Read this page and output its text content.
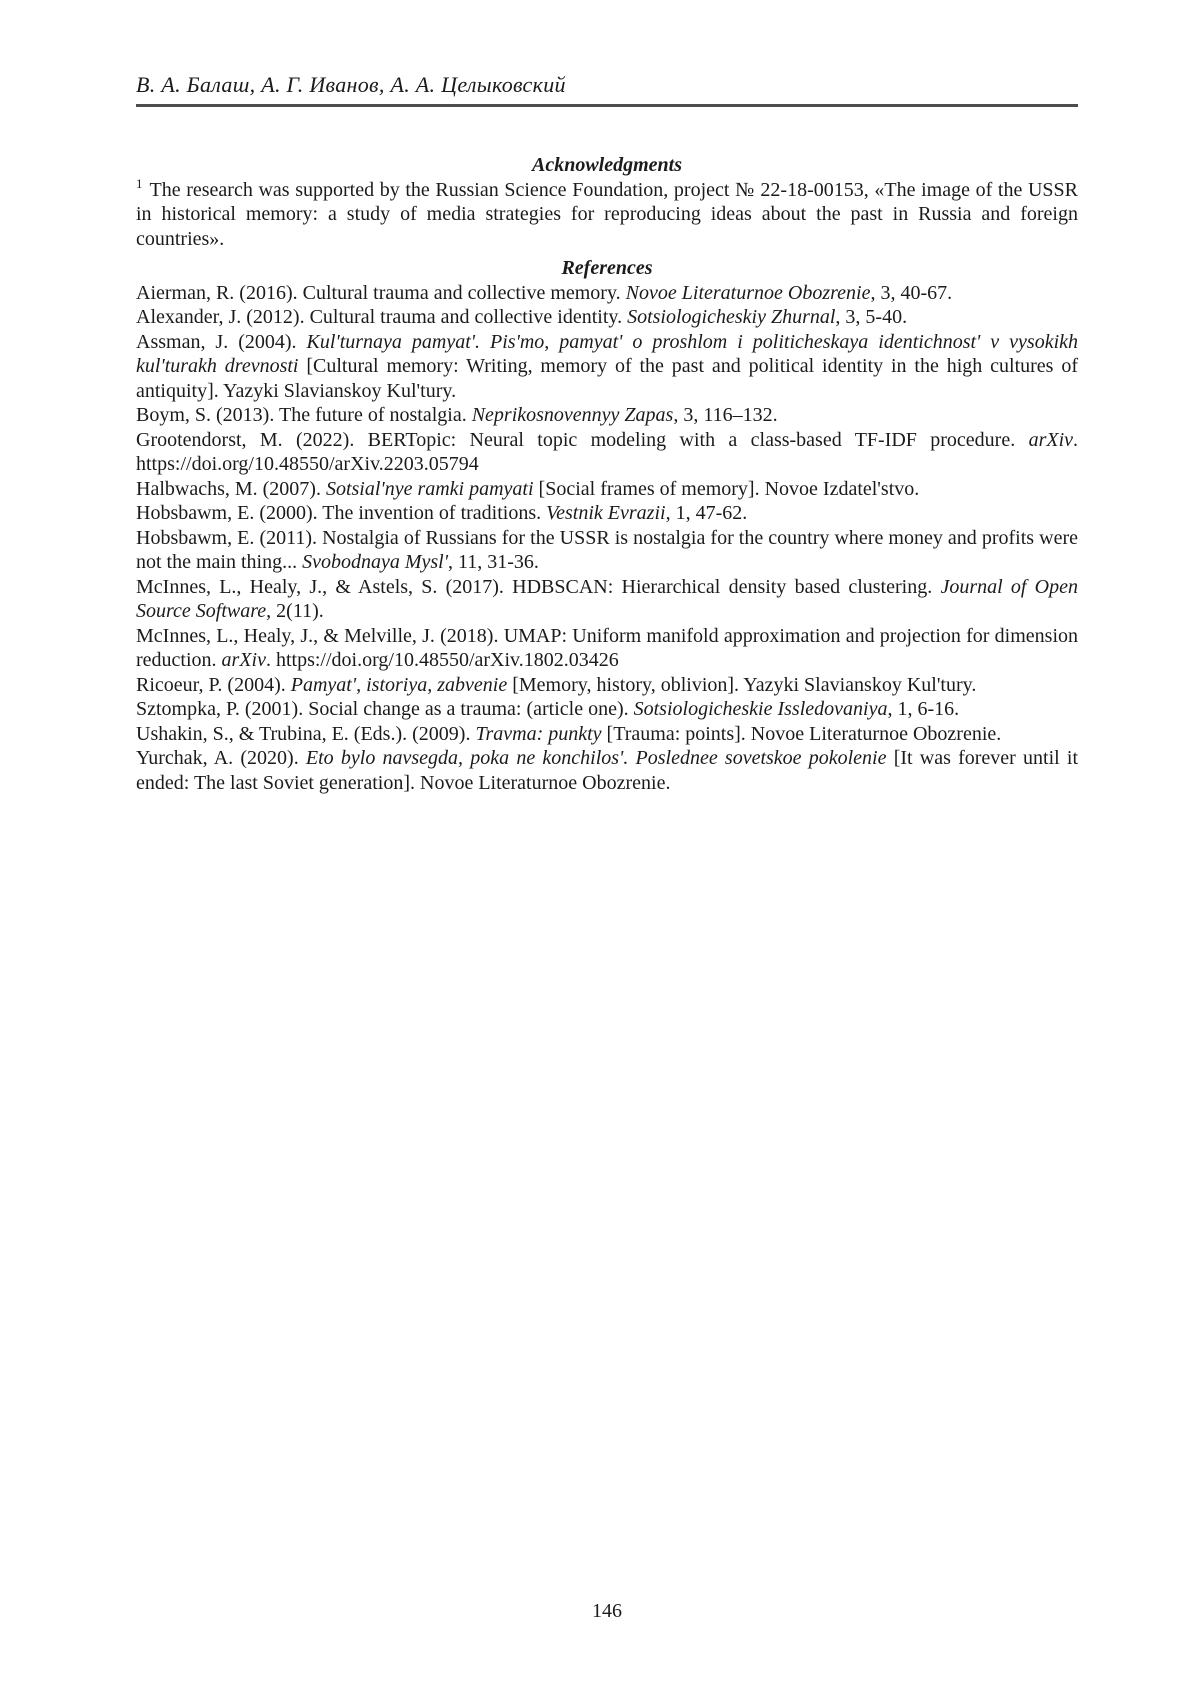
В. А. Балаш, А. Г. Иванов, А. А. Целыковский
Acknowledgments

$^1$ The research was supported by the Russian Science Foundation, project № 22-18-00153, «The image of the USSR in historical memory: a study of media strategies for reproducing ideas about the past in Russia and foreign countries».

References

Aierman, R. (2016). Cultural trauma and collective memory. Novoe Literaturnoe Obozrenie, 3, 40-67.

Alexander, J. (2012). Cultural trauma and collective identity. Sotsiologicheskiy Zhurnal, 3, 5-40.

Assman, J. (2004). Kul'turnaya pamyat'. Pis'mo, pamyat' o proshlom i politicheskaya identichnost' v vysokikh kul'turakh drevnosti [Cultural memory: Writing, memory of the past and political identity in the high cultures of antiquity]. Yazyki Slavianskoy Kul'tury.

Boym, S. (2013). The future of nostalgia. Neprikosnovennyy Zapas, 3, 116–132.

Grootendorst, M. (2022). BERTopic: Neural topic modeling with a class-based TF-IDF procedure. arXiv. https://doi.org/10.48550/arXiv.2203.05794

Halbwachs, M. (2007). Sotsial'nye ramki pamyati [Social frames of memory]. Novoe Izdatel'stvo.

Hobsbawm, E. (2000). The invention of traditions. Vestnik Evrazii, 1, 47-62.

Hobsbawm, E. (2011). Nostalgia of Russians for the USSR is nostalgia for the country where money and profits were not the main thing... Svobodnaya Mysl', 11, 31-36.

McInnes, L., Healy, J., & Astels, S. (2017). HDBSCAN: Hierarchical density based clustering. Journal of Open Source Software, 2(11).

McInnes, L., Healy, J., & Melville, J. (2018). UMAP: Uniform manifold approximation and projection for dimension reduction. arXiv. https://doi.org/10.48550/arXiv.1802.03426

Ricoeur, P. (2004). Pamyat', istoriya, zabvenie [Memory, history, oblivion]. Yazyki Slavianskoy Kul'tury.

Sztompka, P. (2001). Social change as a trauma: (article one). Sotsiologicheskie Issledovaniya, 1, 6-16.

Ushakin, S., & Trubina, E. (Eds.). (2009). Travma: punkty [Trauma: points]. Novoe Literaturnoe Obozrenie.

Yurchak, A. (2020). Eto bylo navsegda, poka ne konchilos'. Poslednee sovetskoe pokolenie [It was forever until it ended: The last Soviet generation]. Novoe Literaturnoe Obozrenie.

146
